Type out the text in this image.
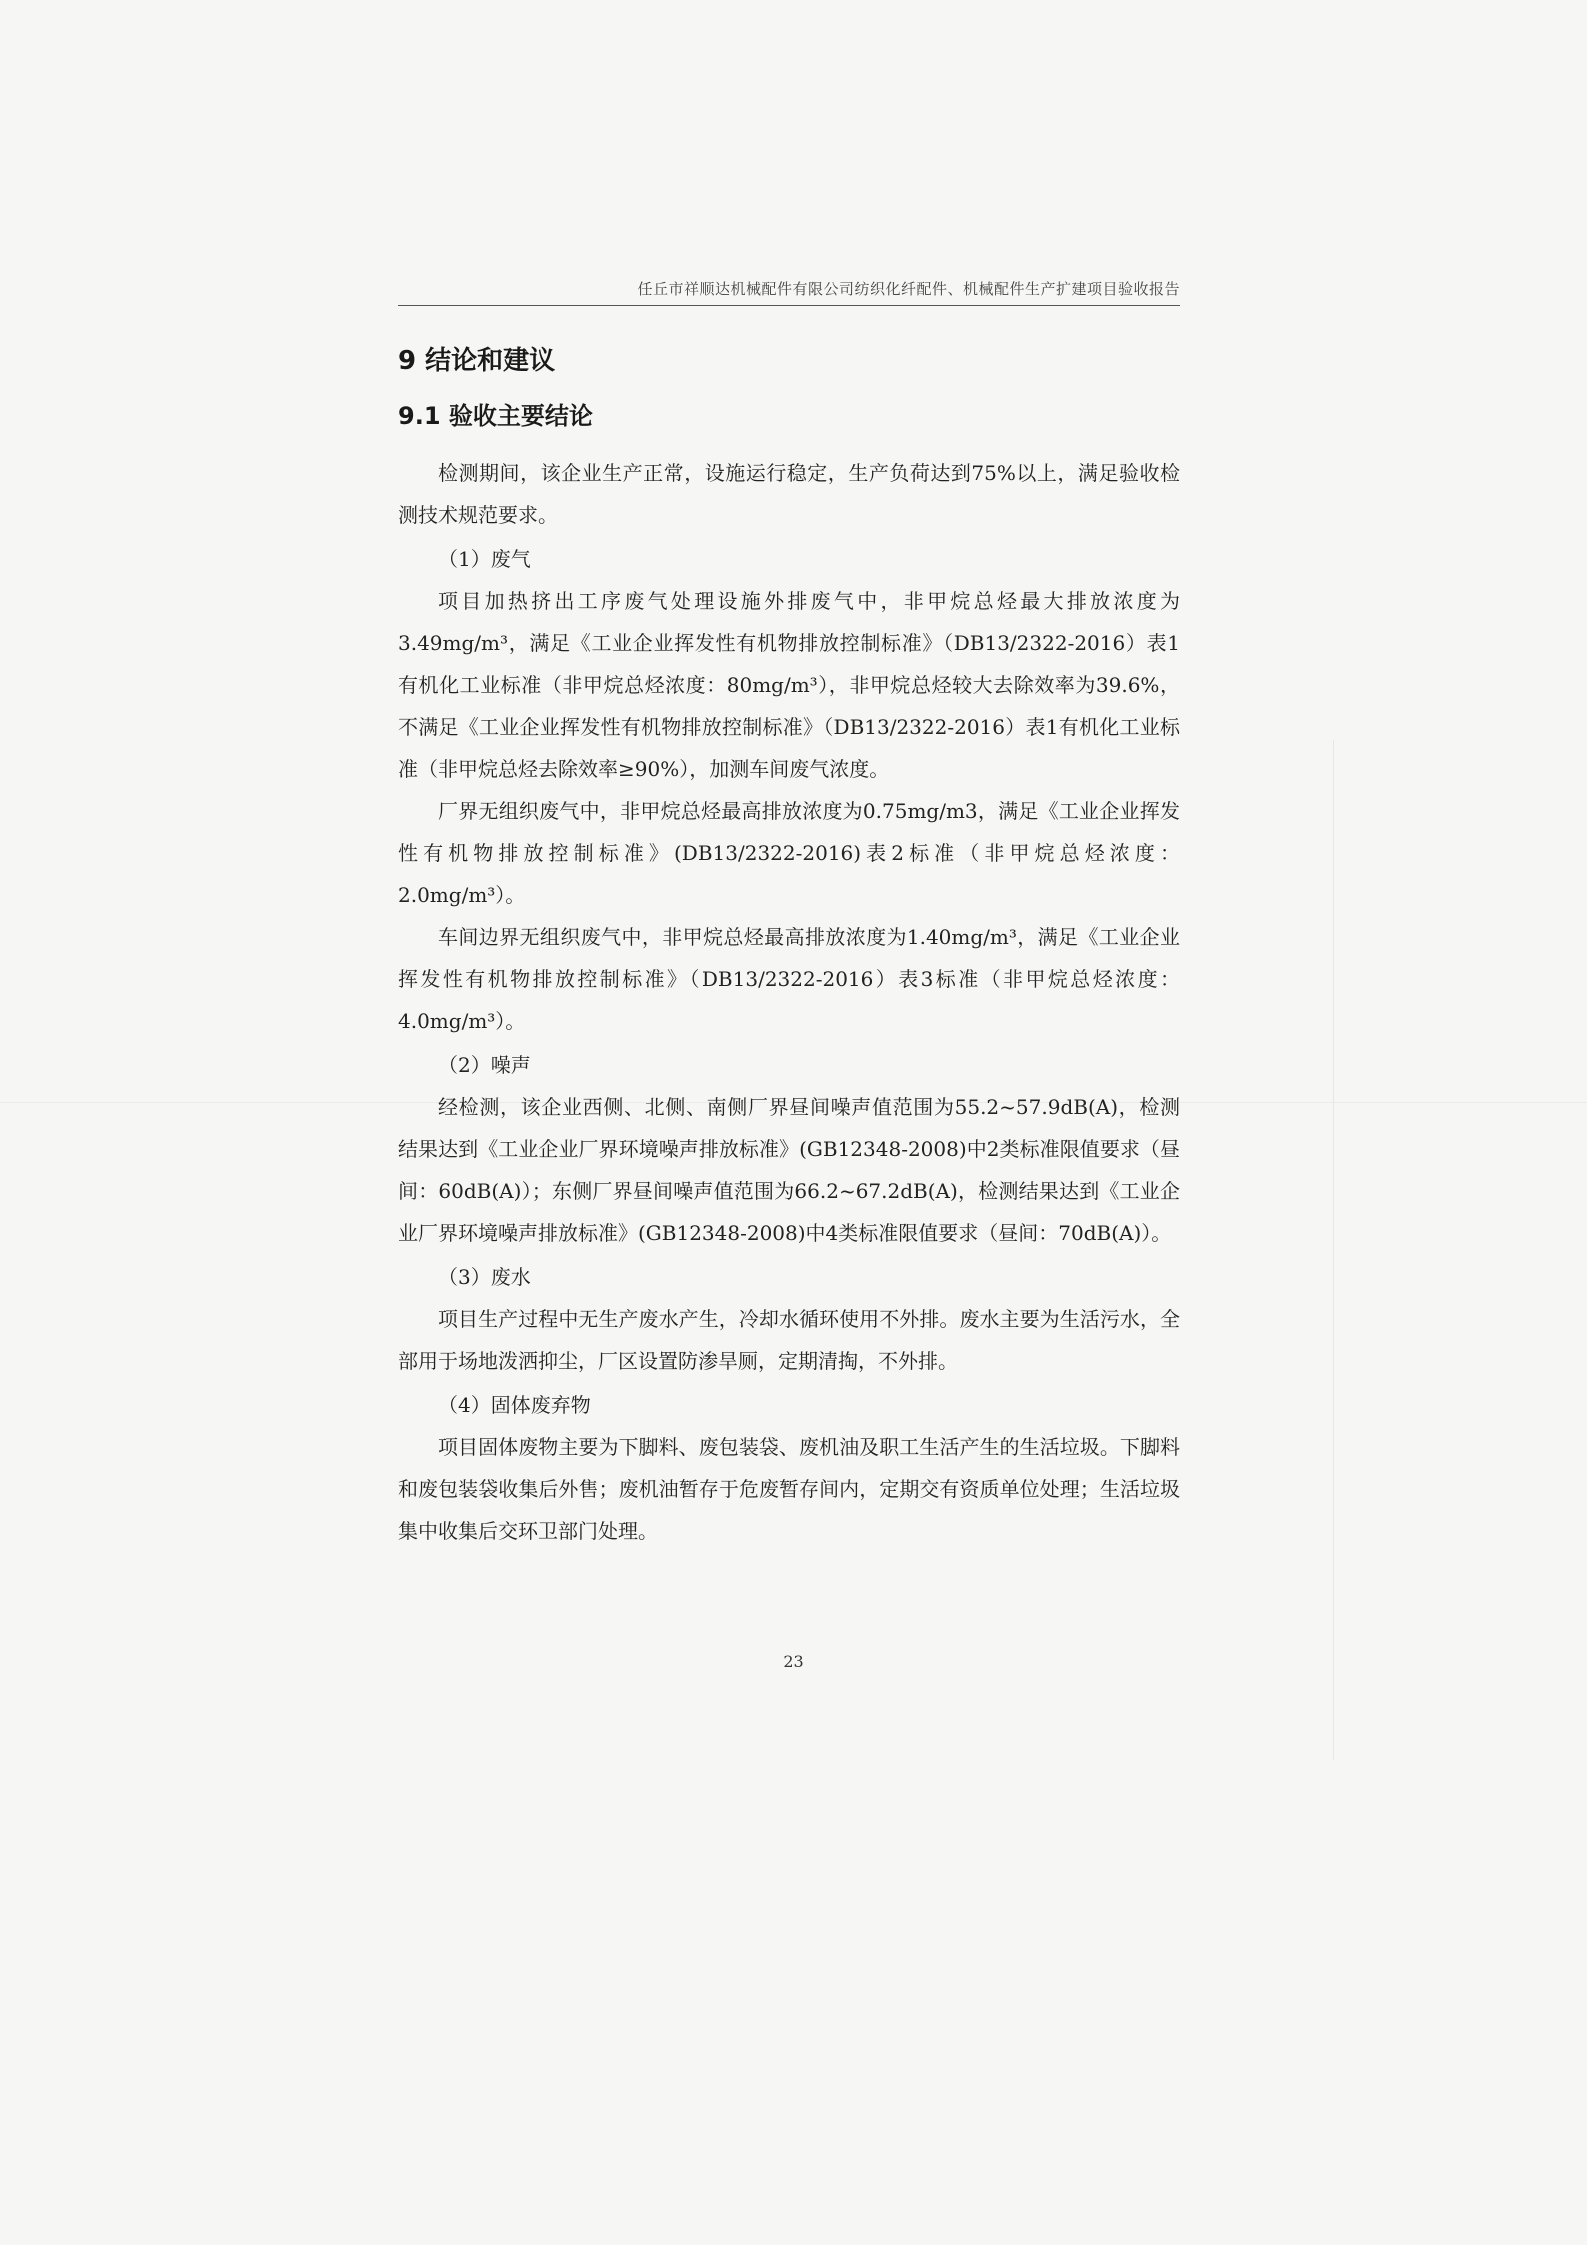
任丘市祥顺达机械配件有限公司纺织化纤配件、机械配件生产扩建项目验收报告
9 结论和建议
9.1 验收主要结论

检测期间，该企业生产正常，设施运行稳定，生产负荷达到75%以上，满足验收检测技术规范要求。

（1）废气

项目加热挤出工序废气处理设施外排废气中，非甲烷总烃最大排放浓度为3.49mg/m³，满足《工业企业挥发性有机物排放控制标准》（DB13/2322-2016）表1有机化工业标准（非甲烷总烃浓度：80mg/m³），非甲烷总烃较大去除效率为39.6%，不满足《工业企业挥发性有机物排放控制标准》（DB13/2322-2016）表1有机化工业标准（非甲烷总烃去除效率≥90%），加测车间废气浓度。

厂界无组织废气中，非甲烷总烃最高排放浓度为0.75mg/m3，满足《工业企业挥发性有机物排放控制标准》(DB13/2322-2016)表2标准（非甲烷总烃浓度：2.0mg/m³）。

车间边界无组织废气中，非甲烷总烃最高排放浓度为1.40mg/m³，满足《工业企业挥发性有机物排放控制标准》（DB13/2322-2016）表3标准（非甲烷总烃浓度：4.0mg/m³）。

（2）噪声

经检测，该企业西侧、北侧、南侧厂界昼间噪声值范围为55.2~57.9dB(A)，检测结果达到《工业企业厂界环境噪声排放标准》(GB12348-2008)中2类标准限值要求（昼间：60dB(A)）；东侧厂界昼间噪声值范围为66.2~67.2dB(A)，检测结果达到《工业企业厂界环境噪声排放标准》(GB12348-2008)中4类标准限值要求（昼间：70dB(A)）。

（3）废水

项目生产过程中无生产废水产生，冷却水循环使用不外排。废水主要为生活污水，全部用于场地泼洒抑尘，厂区设置防渗旱厕，定期清掏，不外排。

（4）固体废弃物

项目固体废物主要为下脚料、废包装袋、废机油及职工生活产生的生活垃圾。下脚料和废包装袋收集后外售；废机油暂存于危废暂存间内，定期交有资质单位处理；生活垃圾集中收集后交环卫部门处理。

23
